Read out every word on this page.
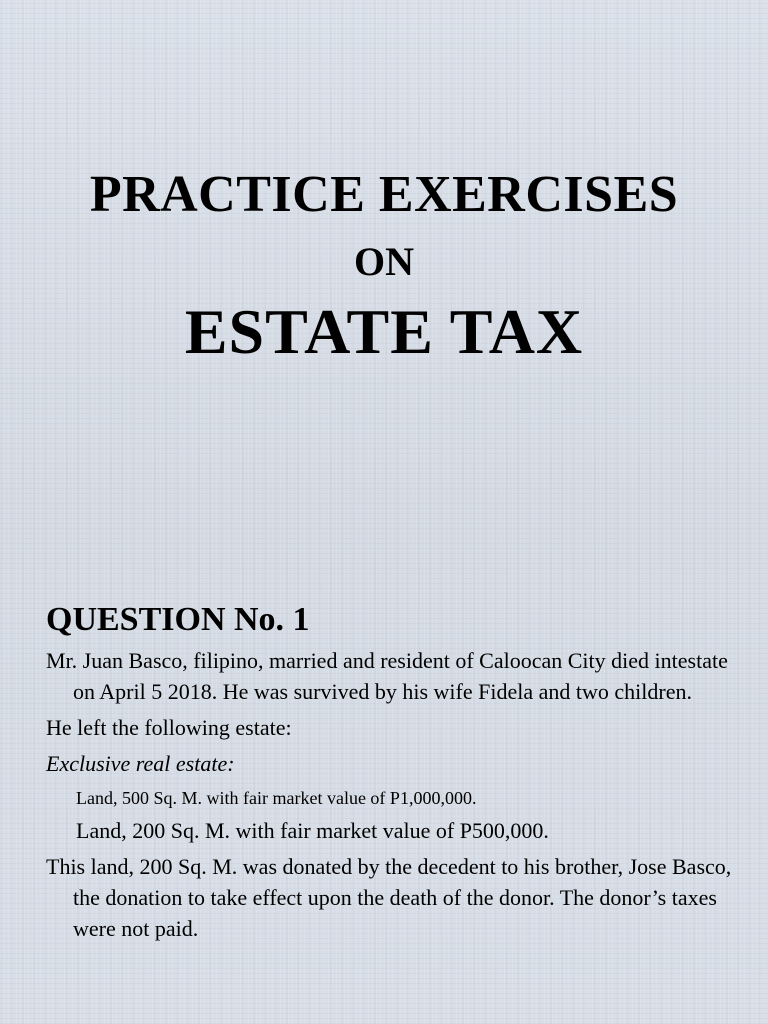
PRACTICE EXERCISES
ON
ESTATE TAX
QUESTION No. 1

Mr. Juan Basco, filipino, married and resident of Caloocan City died intestate on April 5 2018. He was survived by his wife Fidela and two children.

He left the following estate:

Exclusive real estate:

Land, 500 Sq. M. with fair market value of P1,000,000.

Land, 200 Sq. M. with fair market value of P500,000.

This land, 200 Sq. M. was donated by the decedent to his brother, Jose Basco, the donation to take effect upon the death of the donor. The donor’s taxes were not paid.
